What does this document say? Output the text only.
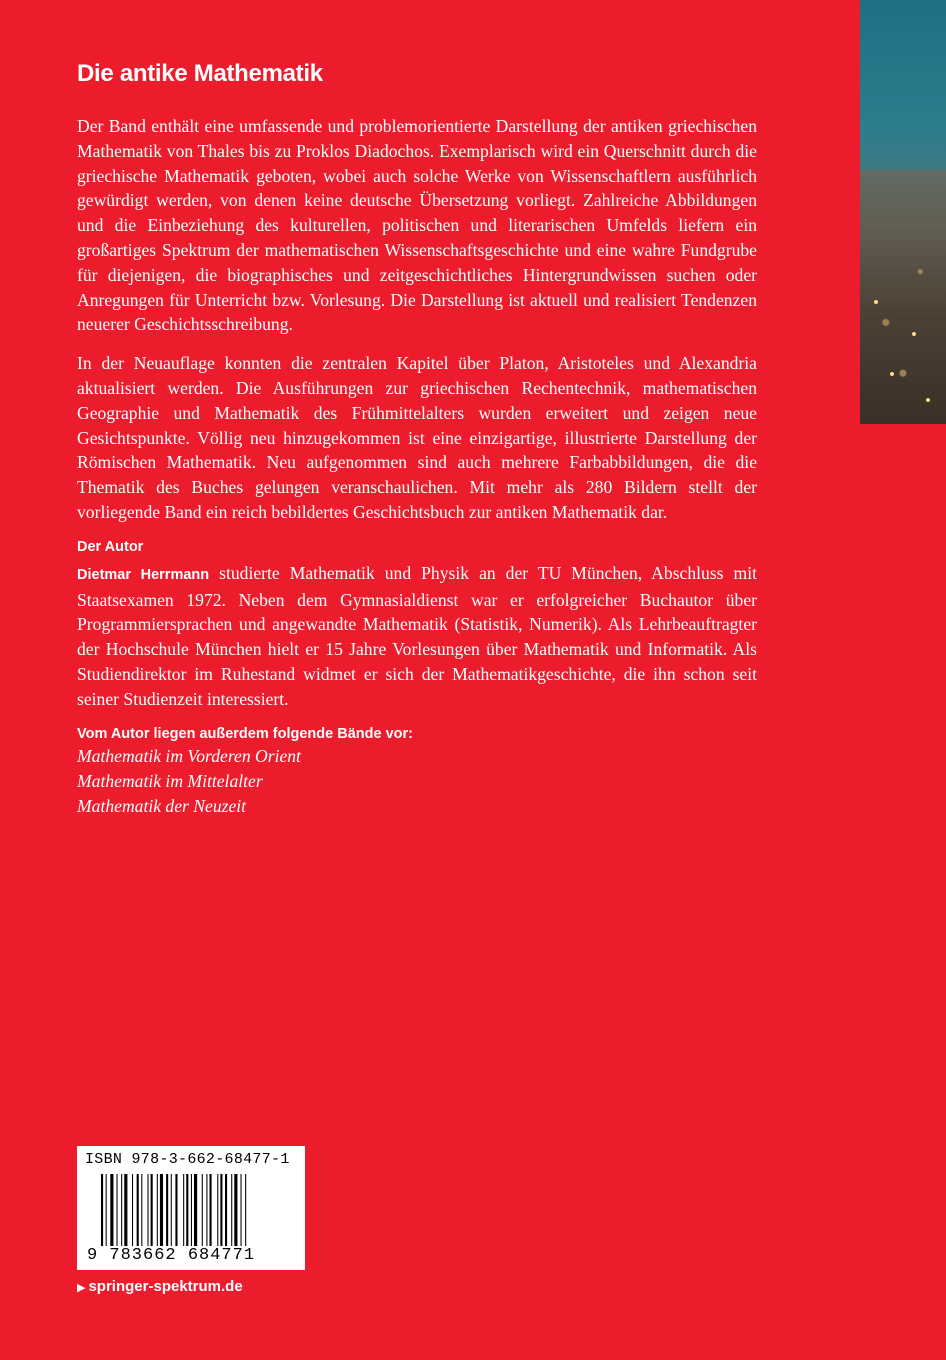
Die antike Mathematik

Der Band enthält eine umfassende und problemorientierte Darstellung der antiken griechischen Mathematik von Thales bis zu Proklos Diadochos. Exemplarisch wird ein Querschnitt durch die griechische Mathematik geboten, wobei auch solche Werke von Wissenschaftlern ausführlich gewürdigt werden, von denen keine deutsche Übersetzung vorliegt. Zahlreiche Abbildungen und die Einbeziehung des kulturellen, politischen und literarischen Umfelds liefern ein großartiges Spektrum der mathematischen Wissenschaftsgeschichte und eine wahre Fundgrube für diejenigen, die biographisches und zeitgeschichtliches Hintergrundwissen suchen oder Anregungen für Unterricht bzw. Vorlesung. Die Darstellung ist aktuell und realisiert Tendenzen neuerer Geschichtsschreibung.

In der Neuauflage konnten die zentralen Kapitel über Platon, Aristoteles und Alexandria aktualisiert werden. Die Ausführungen zur griechischen Rechentechnik, mathematischen Geographie und Mathematik des Frühmittelalters wurden erweitert und zeigen neue Gesichtspunkte. Völlig neu hinzugekommen ist eine einzigartige, illustrierte Darstellung der Römischen Mathematik. Neu aufgenommen sind auch mehrere Farbabbildungen, die die Thematik des Buches gelungen veranschaulichen. Mit mehr als 280 Bildern stellt der vorliegende Band ein reich bebildertes Geschichtsbuch zur antiken Mathematik dar.

Der Autor

Dietmar Herrmann studierte Mathematik und Physik an der TU München, Abschluss mit Staatsexamen 1972. Neben dem Gymnasialdienst war er erfolgreicher Buchautor über Programmiersprachen und angewandte Mathematik (Statistik, Numerik). Als Lehrbeauftragter der Hochschule München hielt er 15 Jahre Vorlesungen über Mathematik und Informatik. Als Studiendirektor im Ruhestand widmet er sich der Mathematikgeschichte, die ihn schon seit seiner Studienzeit interessiert.

Vom Autor liegen außerdem folgende Bände vor:
Mathematik im Vorderen Orient
Mathematik im Mittelalter
Mathematik der Neuzeit
ISBN 978-3-662-68477-1
9 783662 684771
▶ springer-spektrum.de
